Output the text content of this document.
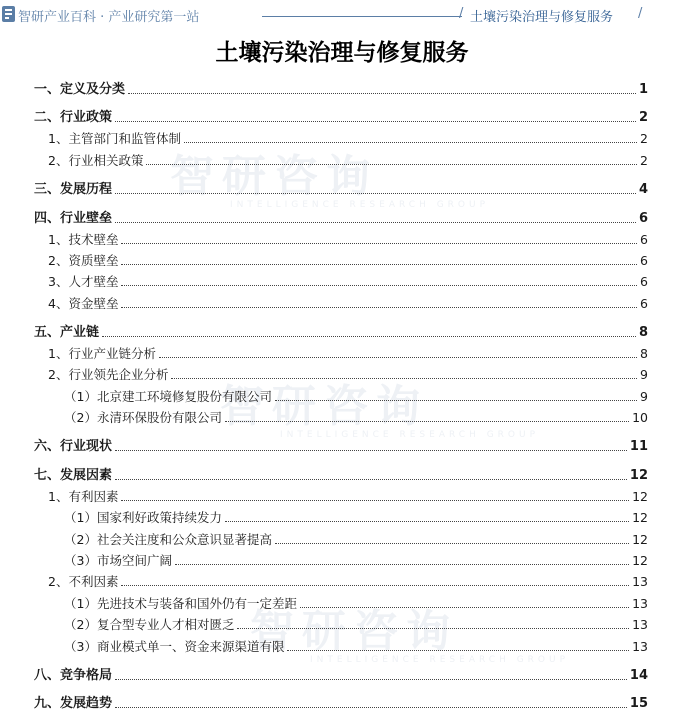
智研咨询
INTELLIGENCE RESEARCH GROUP
智研咨询
INTELLIGENCE RESEARCH GROUP
智研咨询
INTELLIGENCE RESEARCH GROUP
智研产业百科 · 产业研究第一站	/ 土壤污染治理与修复服务 /
土壤污染治理与修复服务
一、定义及分类	1
二、行业政策	2
1、主管部门和监管体制	2
2、行业相关政策	2
三、发展历程	4
四、行业壁垒	6
1、技术壁垒	6
2、资质壁垒	6
3、人才壁垒	6
4、资金壁垒	6
五、产业链	8
1、行业产业链分析	8
2、行业领先企业分析	9
（1）北京建工环境修复股份有限公司	9
（2）永清环保股份有限公司	10
六、行业现状	11
七、发展因素	12
1、有利因素	12
（1）国家利好政策持续发力	12
（2）社会关注度和公众意识显著提高	12
（3）市场空间广阔	12
2、不利因素	13
（1）先进技术与装备和国外仍有一定差距	13
（2）复合型专业人才相对匮乏	13
（3）商业模式单一、资金来源渠道有限	13
八、竞争格局	14
九、发展趋势	15
